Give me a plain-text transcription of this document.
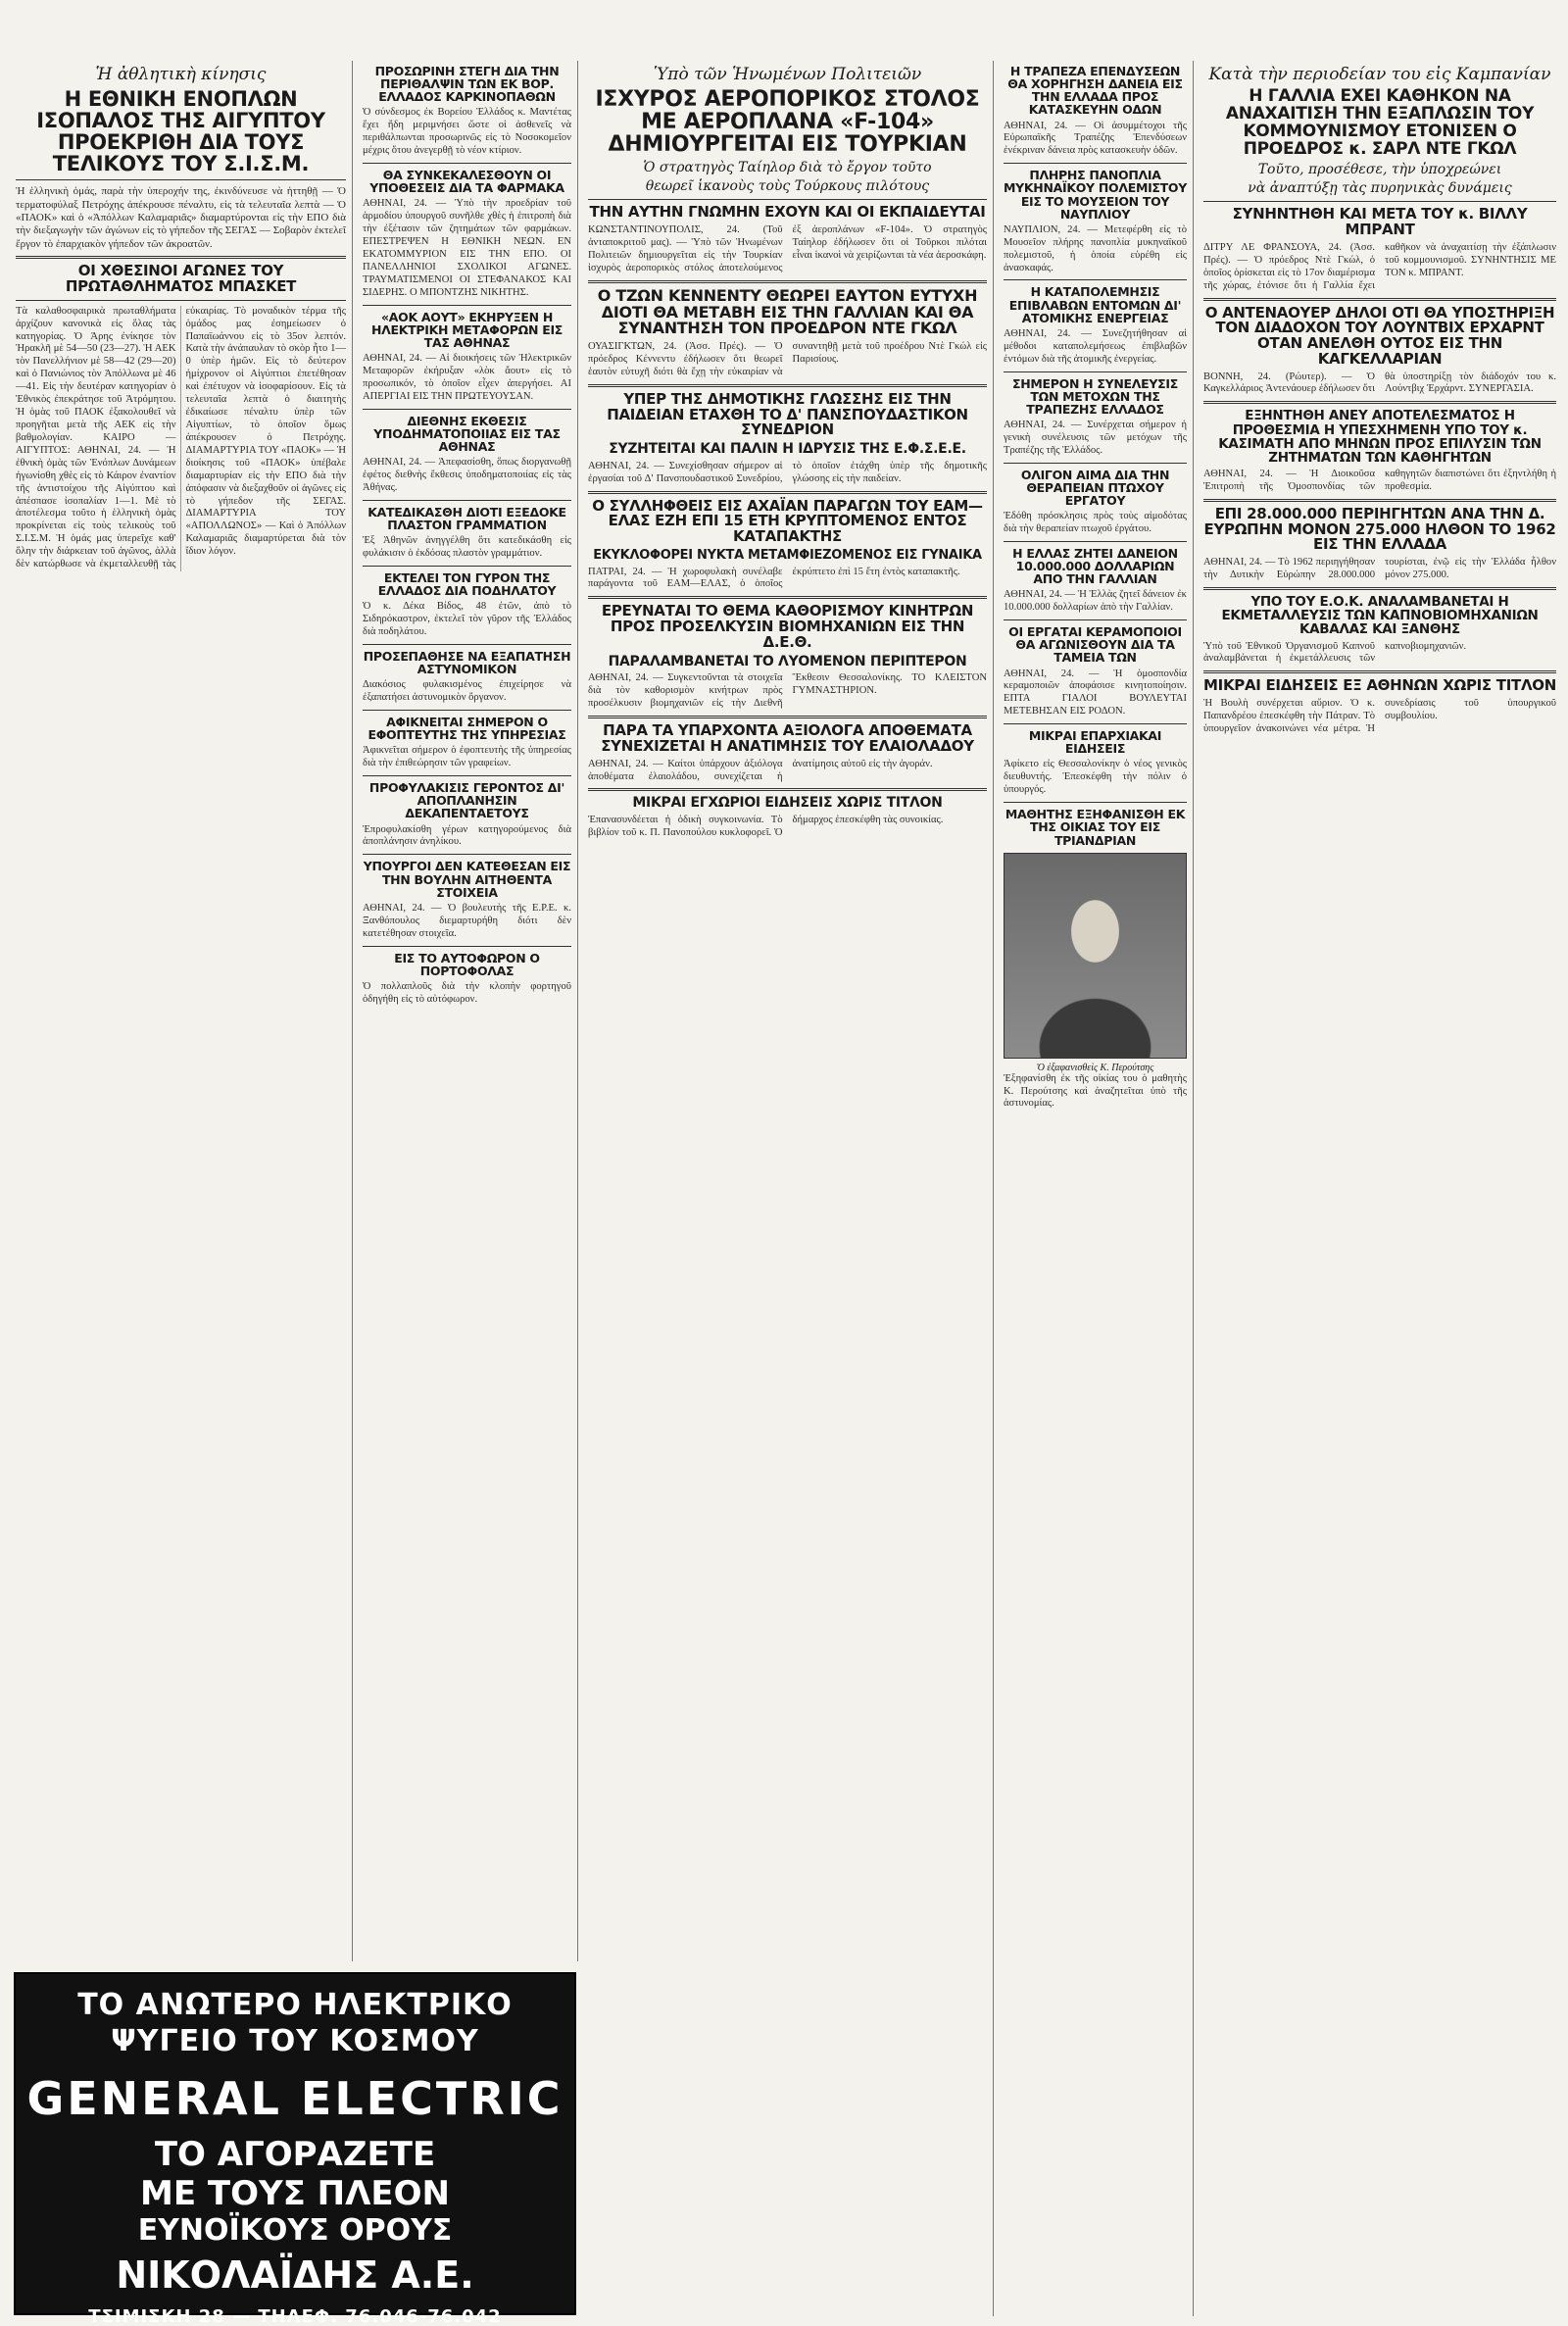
Ἡ ἀθλητικὴ κίνησις
Η ΕΘΝΙΚΗ ΕΝΟΠΛΩΝ ΙΣΟΠΑΛΟΣ ΤΗΣ ΑΙΓΥΠΤΟΥ ΠΡΟΕΚΡΙΘΗ ΔΙΑ ΤΟΥΣ ΤΕΛΙΚΟΥΣ ΤΟΥ Σ.Ι.Σ.Μ.
Ἡ ἑλληνικὴ ὁμάς, παρὰ τὴν ὑπεροχήν της, ἐκινδύνευσε νὰ ἡττηθῇ — Ὁ τερματοφύλαξ Πετρόχης ἀπέκρουσε πέναλτυ, εἰς τὰ τελευταῖα λεπτὰ — Ὁ «ΠΑΟΚ» καὶ ὁ «Ἀπόλλων Καλαμαριᾶς» διαμαρτύρονται εἰς τὴν ΕΠΟ διὰ τὴν διεξαγωγὴν τῶν ἀγώνων εἰς τὸ γήπεδον τῆς ΣΕΓΑΣ — Σοβαρὸν ἐκτελεῖ ἔργον τὸ ἐπαρχιακὸν γήπεδον τῶν ἀκροατῶν.
ΟΙ ΧΘΕΣΙΝΟΙ ΑΓΩΝΕΣ ΤΟΥ ΠΡΩΤΑΘΛΗΜΑΤΟΣ ΜΠΑΣΚΕΤ
Τὰ καλαθοσφαιρικὰ πρωταθλήματα ἀρχίζουν κανονικὰ εἰς ὅλας τὰς κατηγορίας. Ὁ Ἀρης ἐνίκησε τὸν Ἠρακλῆ μὲ 54—50 (23—27). Ἡ ΑΕΚ τὸν Πανελλήνιον μὲ 58—42 (29—20) καὶ ὁ Πανιώνιος τὸν Ἀπόλλωνα μὲ 46—41. Εἰς τὴν δευτέραν κατηγορίαν ὁ Ἐθνικὸς ἐπεκράτησε τοῦ Ἀτρόμητου. Ἡ ὁμὰς τοῦ ΠΑΟΚ ἐξακολουθεῖ νὰ προηγῆται μετὰ τῆς ΑΕΚ εἰς τὴν βαθμολογίαν. ΚΑΙΡΟ — ΑΙΓΥΠΤΟΣ: ΑΘΗΝΑΙ, 24. — Ἡ ἐθνικὴ ὁμὰς τῶν Ἐνόπλων Δυνάμεων ἠγωνίσθη χθὲς εἰς τὸ Κάιρον ἐναντίον τῆς ἀντιστοίχου τῆς Αἰγύπτου καὶ ἀπέσπασε ἰσοπαλίαν 1—1. Μὲ τὸ ἀποτέλεσμα τοῦτο ἡ ἑλληνικὴ ὁμὰς προκρίνεται εἰς τοὺς τελικοὺς τοῦ Σ.Ι.Σ.Μ. Ἡ ὁμάς μας ὑπερεῖχε καθ' ὅλην τὴν διάρκειαν τοῦ ἀγῶνος, ἀλλὰ δὲν κατώρθωσε νὰ ἐκμεταλλευθῇ τὰς εὐκαιρίας. Τὸ μοναδικὸν τέρμα τῆς ὁμάδος μας ἐσημείωσεν ὁ Παπαϊωάννου εἰς τὸ 35ον λεπτόν. Κατὰ τὴν ἀνάπαυλαν τὸ σκὸρ ἦτο 1—0 ὑπὲρ ἡμῶν. Εἰς τὸ δεύτερον ἡμίχρονον οἱ Αἰγύπτιοι ἐπετέθησαν καὶ ἐπέτυχον νὰ ἰσοφαρίσουν. Εἰς τὰ τελευταῖα λεπτὰ ὁ διαιτητὴς ἐδικαίωσε πέναλτυ ὑπὲρ τῶν Αἰγυπτίων, τὸ ὁποῖον ὅμως ἀπέκρουσεν ὁ Πετρόχης. ΔΙΑΜΑΡΤΥΡΙΑ ΤΟΥ «ΠΑΟΚ» — Ἡ διοίκησις τοῦ «ΠΑΟΚ» ὑπέβαλε διαμαρτυρίαν εἰς τὴν ΕΠΟ διὰ τὴν ἀπόφασιν νὰ διεξαχθοῦν οἱ ἀγῶνες εἰς τὸ γήπεδον τῆς ΣΕΓΑΣ. ΔΙΑΜΑΡΤΥΡΙΑ ΤΟΥ «ΑΠΟΛΛΩΝΟΣ» — Καὶ ὁ Ἀπόλλων Καλαμαριᾶς διαμαρτύρεται διὰ τὸν ἴδιον λόγον.
ΠΡΟΣΩΡΙΝΗ ΣΤΕΓΗ ΔΙΑ ΤΗΝ ΠΕΡΙΘΑΛΨΙΝ ΤΩΝ ΕΚ ΒΟΡ. ΕΛΛΑΔΟΣ ΚΑΡΚΙΝΟΠΑΘΩΝ
Ὁ σύνδεσμος ἐκ Βορείου Ἑλλάδος κ. Μαντέτας ἔχει ἤδη μεριμνήσει ὥστε οἱ ἀσθενεῖς νὰ περιθάλπωνται προσωρινῶς εἰς τὸ Νοσοκομεῖον μέχρις ὅτου ἀνεγερθῇ τὸ νέον κτίριον.
ΘΑ ΣΥΝΚΕΚΑΛΕΣΘΟΥΝ ΟΙ ΥΠΟΘΕΣΕΙΣ ΔΙΑ ΤΑ ΦΑΡΜΑΚΑ
ΑΘΗΝΑΙ, 24. — Ὑπὸ τὴν προεδρίαν τοῦ ἁρμοδίου ὑπουργοῦ συνῆλθε χθὲς ἡ ἐπιτροπὴ διὰ τὴν ἐξέτασιν τῶν ζητημάτων τῶν φαρμάκων. ΕΠΕΣΤΡΕΨΕΝ Η ΕΘΝΙΚΗ ΝΕΩΝ. ΕΝ ΕΚΑΤΟΜΜΥΡΙΟΝ ΕΙΣ ΤΗΝ ΕΠΟ. ΟΙ ΠΑΝΕΛΛΗΝΙΟΙ ΣΧΟΛΙΚΟΙ ΑΓΩΝΕΣ. ΤΡΑΥΜΑΤΙΣΜΕΝΟΙ ΟΙ ΣΤΕΦΑΝΑΚΟΣ ΚΑΙ ΣΙΔΕΡΗΣ. Ο ΜΠΟΝΤΖΗΣ ΝΙΚΗΤΗΣ.
«ΑΟΚ ΑΟΥΤ» ΕΚΗΡΥΞΕΝ Η ΗΛΕΚΤΡΙΚΗ ΜΕΤΑΦΟΡΩΝ ΕΙΣ ΤΑΣ ΑΘΗΝΑΣ
ΑΘΗΝΑΙ, 24. — Αἱ διοικήσεις τῶν Ἠλεκτρικῶν Μεταφορῶν ἐκήρυξαν «λὸκ ἄουτ» εἰς τὸ προσωπικόν, τὸ ὁποῖον εἶχεν ἀπεργήσει. ΑΙ ΑΠΕΡΓΙΑΙ ΕΙΣ ΤΗΝ ΠΡΩΤΕΥΟΥΣΑΝ.
ΔΙΕΘΝΗΣ ΕΚΘΕΣΙΣ ΥΠΟΔΗΜΑΤΟΠΟΙΙΑΣ ΕΙΣ ΤΑΣ ΑΘΗΝΑΣ
ΑΘΗΝΑΙ, 24. — Ἀπεφασίσθη, ὅπως διοργανωθῇ ἐφέτος διεθνὴς ἔκθεσις ὑποδηματοποιίας εἰς τὰς Ἀθήνας.
ΚΑΤΕΔΙΚΑΣΘΗ ΔΙΟΤΙ ΕΞΕΔΟΚΕ ΠΛΑΣΤΟΝ ΓΡΑΜΜΑΤΙΟΝ
Ἐξ Ἀθηνῶν ἀνηγγέλθη ὅτι κατεδικάσθη εἰς φυλάκισιν ὁ ἐκδόσας πλαστὸν γραμμάτιον.
ΕΚΤΕΛΕΙ ΤΟΝ ΓΥΡΟΝ ΤΗΣ ΕΛΛΑΔΟΣ ΔΙΑ ΠΟΔΗΛΑΤΟΥ
Ὁ κ. Δέκα Βίδος, 48 ἐτῶν, ἀπὸ τὸ Σιδηρόκαστρον, ἐκτελεῖ τὸν γῦρον τῆς Ἑλλάδος διὰ ποδηλάτου.
ΠΡΟΣΕΠΑΘΗΣΕ ΝΑ ΕΞΑΠΑΤΗΣΗ ΑΣΤΥΝΟΜΙΚΟΝ
Διακόσιος φυλακισμένος ἐπιχείρησε νὰ ἐξαπατήσει ἀστυνομικὸν ὄργανον.
ΑΦΙΚΝΕΙΤΑΙ ΣΗΜΕΡΟΝ Ο ΕΦΟΠΤΕΥΤΗΣ ΤΗΣ ΥΠΗΡΕΣΙΑΣ
Ἀφικνεῖται σήμερον ὁ ἐφοπτευτὴς τῆς ὑπηρεσίας διὰ τὴν ἐπιθεώρησιν τῶν γραφείων.
ΠΡΟΦΥΛΑΚΙΣΙΣ ΓΕΡΟΝΤΟΣ ΔΙ' ΑΠΟΠΛΑΝΗΣΙΝ ΔΕΚΑΠΕΝΤΑΕΤΟΥΣ
Ἐπροφυλακίσθη γέρων κατηγορούμενος διὰ ἀποπλάνησιν ἀνηλίκου.
ΥΠΟΥΡΓΟΙ ΔΕΝ ΚΑΤΕΘΕΣΑΝ ΕΙΣ ΤΗΝ ΒΟΥΛΗΝ ΑΙΤΗΘΕΝΤΑ ΣΤΟΙΧΕΙΑ
ΑΘΗΝΑΙ, 24. — Ὁ βουλευτὴς τῆς Ε.Ρ.Ε. κ. Ξανθόπουλος διεμαρτυρήθη διότι δὲν κατετέθησαν στοιχεῖα.
ΕΙΣ ΤΟ ΑΥΤΟΦΩΡΟΝ Ο ΠΟΡΤΟΦΟΛΑΣ
Ὁ πολλαπλοῦς διὰ τὴν κλοπὴν φορτηγοῦ ὁδηγήθη εἰς τὸ αὐτόφωρον.
Ὑπὸ τῶν Ἡνωμένων Πολιτειῶν
ΙΣΧΥΡΟΣ ΑΕΡΟΠΟΡΙΚΟΣ ΣΤΟΛΟΣ ΜΕ ΑΕΡΟΠΛΑΝΑ «F-104» ΔΗΜΙΟΥΡΓΕΙΤΑΙ ΕΙΣ ΤΟΥΡΚΙΑΝ
Ὁ στρατηγὸς Ταίηλορ διὰ τὸ ἔργον τοῦτο
θεωρεῖ ἱκανοὺς τοὺς Τούρκους πιλότους
ΤΗΝ ΑΥΤΗΝ ΓΝΩΜΗΝ ΕΧΟΥΝ ΚΑΙ ΟΙ ΕΚΠΑΙΔΕΥΤΑΙ
ΚΩΝΣΤΑΝΤΙΝΟΥΠΟΛΙΣ, 24. (Τοῦ ἀνταποκριτοῦ μας). — Ὑπὸ τῶν Ἡνωμένων Πολιτειῶν δημιουργεῖται εἰς τὴν Τουρκίαν ἰσχυρὸς ἀεροπορικὸς στόλος ἀποτελούμενος ἐξ ἀεροπλάνων «F-104». Ὁ στρατηγὸς Ταίηλορ ἐδήλωσεν ὅτι οἱ Τοῦρκοι πιλόται εἶναι ἱκανοὶ νὰ χειρίζωνται τὰ νέα ἀεροσκάφη.
Ο ΤΖΩΝ ΚΕΝΝΕΝΤΥ ΘΕΩΡΕΙ ΕΑΥΤΟΝ ΕΥΤΥΧΗ ΔΙΟΤΙ ΘΑ ΜΕΤΑΒΗ ΕΙΣ ΤΗΝ ΓΑΛΛΙΑΝ ΚΑΙ ΘΑ ΣΥΝΑΝΤΗΣΗ ΤΟΝ ΠΡΟΕΔΡΟΝ ΝΤΕ ΓΚΩΛ
ΟΥΑΣΙΓΚΤΩΝ, 24. (Ἀσσ. Πρές). — Ὁ πρόεδρος Κέννεντυ ἐδήλωσεν ὅτι θεωρεῖ ἑαυτὸν εὐτυχῆ διότι θὰ ἔχῃ τὴν εὐκαιρίαν νὰ συναντηθῇ μετὰ τοῦ προέδρου Ντὲ Γκώλ εἰς Παρισίους.
ΥΠΕΡ ΤΗΣ ΔΗΜΟΤΙΚΗΣ ΓΛΩΣΣΗΣ ΕΙΣ ΤΗΝ ΠΑΙΔΕΙΑΝ ΕΤΑΧΘΗ ΤΟ Δ' ΠΑΝΣΠΟΥΔΑΣΤΙΚΟΝ ΣΥΝΕΔΡΙΟΝ
ΣΥΖΗΤΕΙΤΑΙ ΚΑΙ ΠΑΛΙΝ Η ΙΔΡΥΣΙΣ ΤΗΣ Ε.Φ.Σ.Ε.Ε.
ΑΘΗΝΑΙ, 24. — Συνεχίσθησαν σήμερον αἱ ἐργασίαι τοῦ Δ' Πανσπουδαστικοῦ Συνεδρίου, τὸ ὁποῖον ἐτάχθη ὑπὲρ τῆς δημοτικῆς γλώσσης εἰς τὴν παιδείαν.
Ο ΣΥΛΛΗΦΘΕΙΣ ΕΙΣ ΑΧΑΪΑΝ ΠΑΡΑΓΩΝ ΤΟΥ ΕΑΜ—ΕΛΑΣ ΕΖΗ ΕΠΙ 15 ΕΤΗ ΚΡΥΠΤΟΜΕΝΟΣ ΕΝΤΟΣ ΚΑΤΑΠΑΚΤΗΣ
ΕΚΥΚΛΟΦΟΡΕΙ ΝΥΚΤΑ ΜΕΤΑΜΦΙΕΖΟΜΕΝΟΣ ΕΙΣ ΓΥΝΑΙΚΑ
ΠΑΤΡΑΙ, 24. — Ἡ χωροφυλακὴ συνέλαβε παράγοντα τοῦ ΕΑΜ—ΕΛΑΣ, ὁ ὁποῖος ἐκρύπτετο ἐπὶ 15 ἔτη ἐντὸς καταπακτῆς.
ΕΡΕΥΝΑΤΑΙ ΤΟ ΘΕΜΑ ΚΑΘΟΡΙΣΜΟΥ ΚΙΝΗΤΡΩΝ ΠΡΟΣ ΠΡΟΣΕΛΚΥΣΙΝ ΒΙΟΜΗΧΑΝΙΩΝ ΕΙΣ ΤΗΝ Δ.Ε.Θ.
ΠΑΡΑΛΑΜΒΑΝΕΤΑΙ ΤΟ ΛΥΟΜΕΝΟΝ ΠΕΡΙΠΤΕΡΟΝ
ΑΘΗΝΑΙ, 24. — Συγκεντοῦνται τὰ στοιχεῖα διὰ τὸν καθορισμὸν κινήτρων πρὸς προσέλκυσιν βιομηχανιῶν εἰς τὴν Διεθνῆ Ἔκθεσιν Θεσσαλονίκης. ΤΟ ΚΛΕΙΣΤΟΝ ΓΥΜΝΑΣΤΗΡΙΟΝ.
ΠΑΡΑ ΤΑ ΥΠΑΡΧΟΝΤΑ ΑΞΙΟΛΟΓΑ ΑΠΟΘΕΜΑΤΑ ΣΥΝΕΧΙΖΕΤΑΙ Η ΑΝΑΤΙΜΗΣΙΣ ΤΟΥ ΕΛΑΙΟΛΑΔΟΥ
ΑΘΗΝΑΙ, 24. — Καίτοι ὑπάρχουν ἀξιόλογα ἀποθέματα ἐλαιολάδου, συνεχίζεται ἡ ἀνατίμησις αὐτοῦ εἰς τὴν ἀγοράν.
ΜΙΚΡΑΙ ΕΓΧΩΡΙΟΙ ΕΙΔΗΣΕΙΣ ΧΩΡΙΣ ΤΙΤΛΟΝ
Ἐπανασυνδέεται ἡ ὁδικὴ συγκοινωνία. Τὸ βιβλίον τοῦ κ. Π. Πανοπούλου κυκλοφορεῖ. Ὁ δήμαρχος ἐπεσκέφθη τὰς συνοικίας.
Η ΤΡΑΠΕΖΑ ΕΠΕΝΔΥΣΕΩΝ ΘΑ ΧΟΡΗΓΗΣΗ ΔΑΝΕΙΑ ΕΙΣ ΤΗΝ ΕΛΛΑΔΑ ΠΡΟΣ ΚΑΤΑΣΚΕΥΗΝ ΟΔΩΝ
ΑΘΗΝΑΙ, 24. — Οἱ ἀσυμμέτοχοι τῆς Εὐρωπαϊκῆς Τραπέζης Ἐπενδύσεων ἐνέκριναν δάνεια πρὸς κατασκευὴν ὁδῶν.
ΠΛΗΡΗΣ ΠΑΝΟΠΛΙΑ ΜΥΚΗΝΑΪΚΟΥ ΠΟΛΕΜΙΣΤΟΥ ΕΙΣ ΤΟ ΜΟΥΣΕΙΟΝ ΤΟΥ ΝΑΥΠΛΙΟΥ
ΝΑΥΠΛΙΟΝ, 24. — Μετεφέρθη εἰς τὸ Μουσεῖον πλήρης πανοπλία μυκηναϊκοῦ πολεμιστοῦ, ἡ ὁποία εὑρέθη εἰς ἀνασκαφάς.
Η ΚΑΤΑΠΟΛΕΜΗΣΙΣ ΕΠΙΒΛΑΒΩΝ ΕΝΤΟΜΩΝ ΔΙ' ΑΤΟΜΙΚΗΣ ΕΝΕΡΓΕΙΑΣ
ΑΘΗΝΑΙ, 24. — Συνεζητήθησαν αἱ μέθοδοι καταπολεμήσεως ἐπιβλαβῶν ἐντόμων διὰ τῆς ἀτομικῆς ἐνεργείας.
ΣΗΜΕΡΟΝ Η ΣΥΝΕΛΕΥΣΙΣ ΤΩΝ ΜΕΤΟΧΩΝ ΤΗΣ ΤΡΑΠΕΖΗΣ ΕΛΛΑΔΟΣ
ΑΘΗΝΑΙ, 24. — Συνέρχεται σήμερον ἡ γενικὴ συνέλευσις τῶν μετόχων τῆς Τραπέζης τῆς Ἑλλάδος.
ΟΛΙΓΟΝ ΑΙΜΑ ΔΙΑ ΤΗΝ ΘΕΡΑΠΕΙΑΝ ΠΤΩΧΟΥ ΕΡΓΑΤΟΥ
Ἐδόθη πρόσκλησις πρὸς τοὺς αἱμοδότας διὰ τὴν θεραπείαν πτωχοῦ ἐργάτου.
Η ΕΛΛΑΣ ΖΗΤΕΙ ΔΑΝΕΙΟΝ 10.000.000 ΔΟΛΛΑΡΙΩΝ ΑΠΟ ΤΗΝ ΓΑΛΛΙΑΝ
ΑΘΗΝΑΙ, 24. — Ἡ Ἑλλὰς ζητεῖ δάνειον ἐκ 10.000.000 δολλαρίων ἀπὸ τὴν Γαλλίαν.
ΟΙ ΕΡΓΑΤΑΙ ΚΕΡΑΜΟΠΟΙΟΙ ΘΑ ΑΓΩΝΙΣΘΟΥΝ ΔΙΑ ΤΑ ΤΑΜΕΙΑ ΤΩΝ
ΑΘΗΝΑΙ, 24. — Ἡ ὁμοσπονδία κεραμοποιῶν ἀποφάσισε κινητοποίησιν. ΕΠΤΑ ΓΙΑΛΟΙ ΒΟΥΛΕΥΤΑΙ ΜΕΤΕΒΗΣΑΝ ΕΙΣ ΡΟΔΟΝ.
ΜΙΚΡΑΙ ΕΠΑΡΧΙΑΚΑΙ ΕΙΔΗΣΕΙΣ
Ἀφίκετο εἰς Θεσσαλονίκην ὁ νέος γενικὸς διευθυντής. Ἐπεσκέφθη τὴν πόλιν ὁ ὑπουργός.
ΜΑΘΗΤΗΣ ΕΞΗΦΑΝΙΣΘΗ ΕΚ ΤΗΣ ΟΙΚΙΑΣ ΤΟΥ ΕΙΣ ΤΡΙΑΝΔΡΙΑΝ
Ὁ ἐξαφανισθεὶς Κ. Περούτσης
Ἐξηφανίσθη ἐκ τῆς οἰκίας του ὁ μαθητὴς Κ. Περούτσης καὶ ἀναζητεῖται ὑπὸ τῆς ἀστυνομίας.
Κατὰ τὴν περιοδείαν του εἰς Καμπανίαν
Η ΓΑΛΛΙΑ ΕΧΕΙ ΚΑΘΗΚΟΝ ΝΑ ΑΝΑΧΑΙΤΙΣΗ ΤΗΝ ΕΞΑΠΛΩΣΙΝ ΤΟΥ ΚΟΜΜΟΥΝΙΣΜΟΥ ΕΤΟΝΙΣΕΝ Ο ΠΡΟΕΔΡΟΣ κ. ΣΑΡΛ ΝΤΕ ΓΚΩΛ
Τοῦτο, προσέθεσε, τὴν ὑποχρεώνει
νὰ ἀναπτύξῃ τὰς πυρηνικὰς δυνάμεις
ΣΥΝΗΝΤΗΘΗ ΚΑΙ ΜΕΤΑ ΤΟΥ κ. ΒΙΛΛΥ ΜΠΡΑΝΤ
ΔΙΤΡΥ ΛΕ ΦΡΑΝΣΟΥΑ, 24. (Ἀσσ. Πρές). — Ὁ πρόεδρος Ντὲ Γκώλ, ὁ ὁποῖος ὁρίσκεται εἰς τὸ 17ον διαμέρισμα τῆς χώρας, ἐτόνισε ὅτι ἡ Γαλλία ἔχει καθῆκον νὰ ἀναχαιτίσῃ τὴν ἐξάπλωσιν τοῦ κομμουνισμοῦ. ΣΥΝΗΝΤΗΣΙΣ ΜΕ ΤΟΝ κ. ΜΠΡΑΝΤ.
Ο ΑΝΤΕΝΑΟΥΕΡ ΔΗΛΟΙ ΟΤΙ ΘΑ ΥΠΟΣΤΗΡΙΞΗ ΤΟΝ ΔΙΑΔΟΧΟΝ ΤΟΥ ΛΟΥΝΤΒΙΧ ΕΡΧΑΡΝΤ ΟΤΑΝ ΑΝΕΛΘΗ ΟΥΤΟΣ ΕΙΣ ΤΗΝ ΚΑΓΚΕΛΛΑΡΙΑΝ
ΒΟΝΝΗ, 24. (Ρώυτερ). — Ὁ Καγκελλάριος Ἀντενάουερ ἐδήλωσεν ὅτι θὰ ὑποστηρίξῃ τὸν διάδοχόν του κ. Λούντβιχ Ἐρχάρντ. ΣΥΝΕΡΓΑΣΙΑ.
ΕΞΗΝΤΗΘΗ ΑΝΕΥ ΑΠΟΤΕΛΕΣΜΑΤΟΣ Η ΠΡΟΘΕΣΜΙΑ Η ΥΠΕΣΧΗΜΕΝΗ ΥΠΟ ΤΟΥ κ. ΚΑΣΙΜΑΤΗ ΑΠΟ ΜΗΝΩΝ ΠΡΟΣ ΕΠΙΛΥΣΙΝ ΤΩΝ ΖΗΤΗΜΑΤΩΝ ΤΩΝ ΚΑΘΗΓΗΤΩΝ
ΑΘΗΝΑΙ, 24. — Ἡ Διοικοῦσα Ἐπιτροπὴ τῆς Ὁμοσπονδίας τῶν καθηγητῶν διαπιστώνει ὅτι ἐξηντλήθη ἡ προθεσμία.
ΕΠΙ 28.000.000 ΠΕΡΙΗΓΗΤΩΝ ΑΝΑ ΤΗΝ Δ. ΕΥΡΩΠΗΝ ΜΟΝΟΝ 275.000 ΗΛΘΟΝ ΤΟ 1962 ΕΙΣ ΤΗΝ ΕΛΛΑΔΑ
ΑΘΗΝΑΙ, 24. — Τὸ 1962 περιηγήθησαν τὴν Δυτικὴν Εὐρώπην 28.000.000 τουρίσται, ἐνῷ εἰς τὴν Ἑλλάδα ἦλθον μόνον 275.000.
ΥΠΟ ΤΟΥ Ε.Ο.Κ. ΑΝΑΛΑΜΒΑΝΕΤΑΙ Η ΕΚΜΕΤΑΛΛΕΥΣΙΣ ΤΩΝ ΚΑΠΝΟΒΙΟΜΗΧΑΝΙΩΝ ΚΑΒΑΛΑΣ ΚΑΙ ΞΑΝΘΗΣ
Ὑπὸ τοῦ Ἐθνικοῦ Ὀργανισμοῦ Καπνοῦ ἀναλαμβάνεται ἡ ἐκμετάλλευσις τῶν καπνοβιομηχανιῶν.
ΜΙΚΡΑΙ ΕΙΔΗΣΕΙΣ ΕΞ ΑΘΗΝΩΝ ΧΩΡΙΣ ΤΙΤΛΟΝ
Ἡ Βουλὴ συνέρχεται αὔριον. Ὁ κ. Παπανδρέου ἐπεσκέφθη τὴν Πάτραν. Τὸ ὑπουργεῖον ἀνακοινώνει νέα μέτρα. Ἡ συνεδρίασις τοῦ ὑπουργικοῦ συμβουλίου.
ΤΟ ΑΝΩΤΕΡΟ ΗΛΕΚΤΡΙΚΟ
ΨΥΓΕΙΟ ΤΟΥ ΚΟΣΜΟΥ
GENERAL ELECTRIC
ΤΟ ΑΓΟΡΑΖΕΤΕ
ΜΕ ΤΟΥΣ ΠΛΕΟΝ
ΕΥΝΟΪΚΟΥΣ ΟΡΟΥΣ
ΝΙΚΟΛΑΪΔΗΣ Α.Ε.
ΤΣΙΜΙΣΚΗ 28 — ΤΗΛΕΦ. 76.046-76.042
